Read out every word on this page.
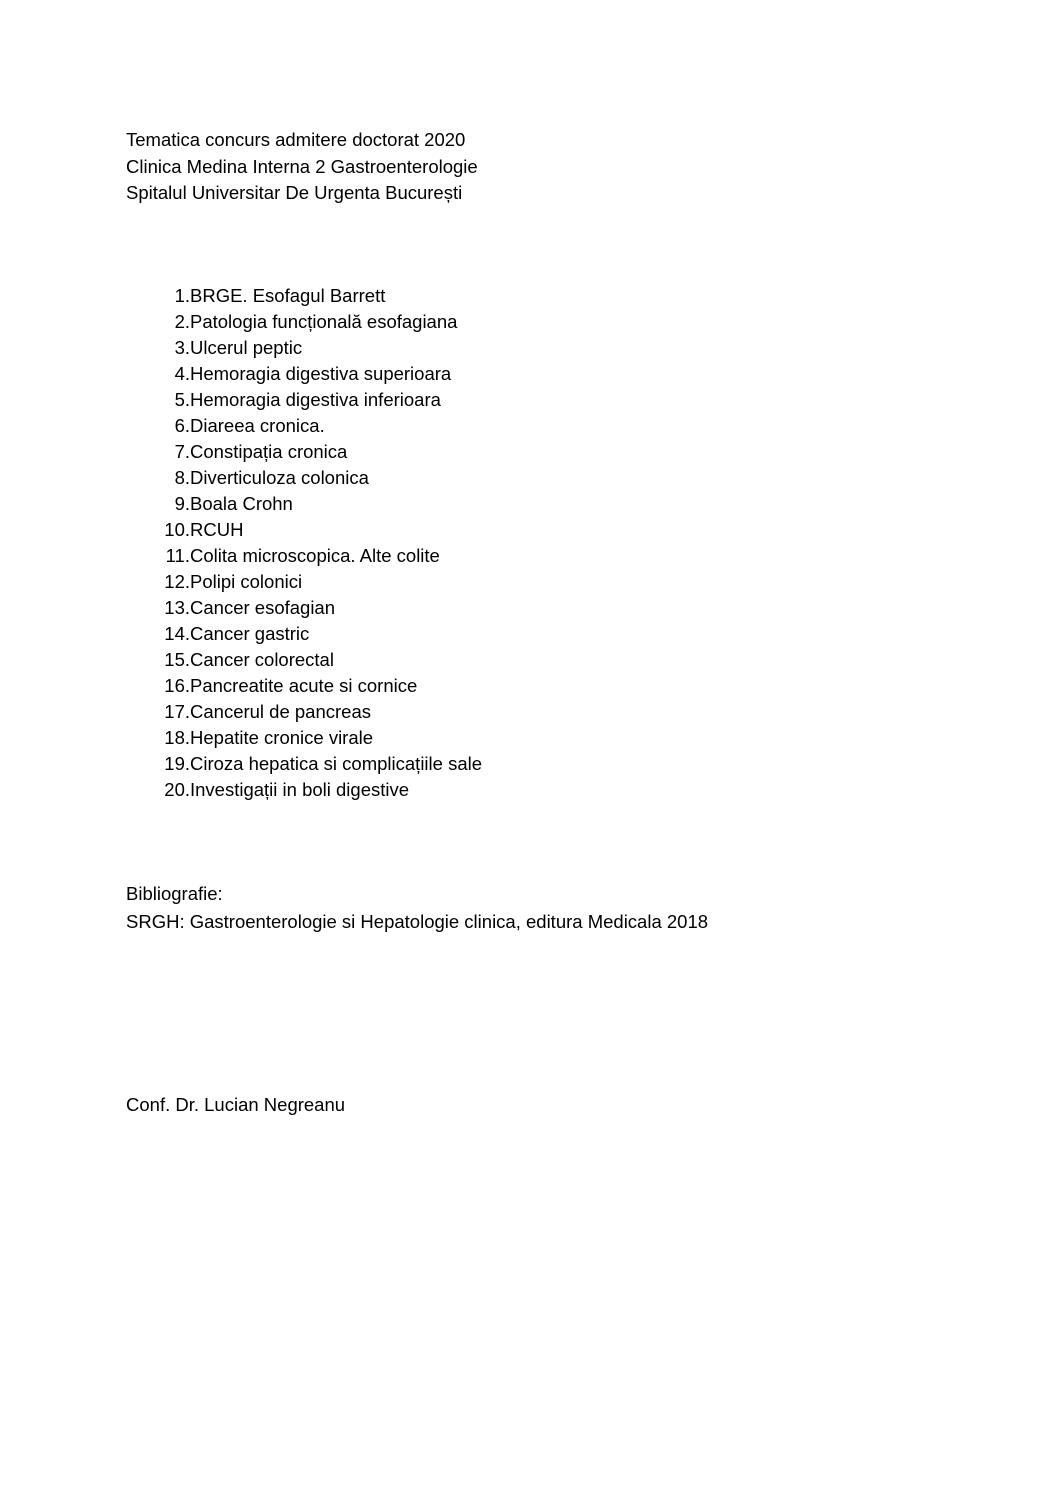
Tematica concurs admitere doctorat 2020
Clinica Medina Interna 2 Gastroenterologie
Spitalul Universitar De Urgenta București
1. BRGE. Esofagul Barrett
2. Patologia funcțională esofagiana
3. Ulcerul peptic
4. Hemoragia digestiva superioara
5. Hemoragia digestiva inferioara
6. Diareea cronica.
7. Constipația cronica
8. Diverticuloza colonica
9. Boala Crohn
10. RCUH
11. Colita microscopica. Alte colite
12. Polipi colonici
13. Cancer esofagian
14. Cancer gastric
15. Cancer colorectal
16. Pancreatite acute si cornice
17. Cancerul de pancreas
18. Hepatite cronice virale
19. Ciroza hepatica si complicațiile sale
20. Investigații in boli digestive
Bibliografie:
SRGH: Gastroenterologie si Hepatologie clinica, editura Medicala 2018
Conf. Dr. Lucian Negreanu
